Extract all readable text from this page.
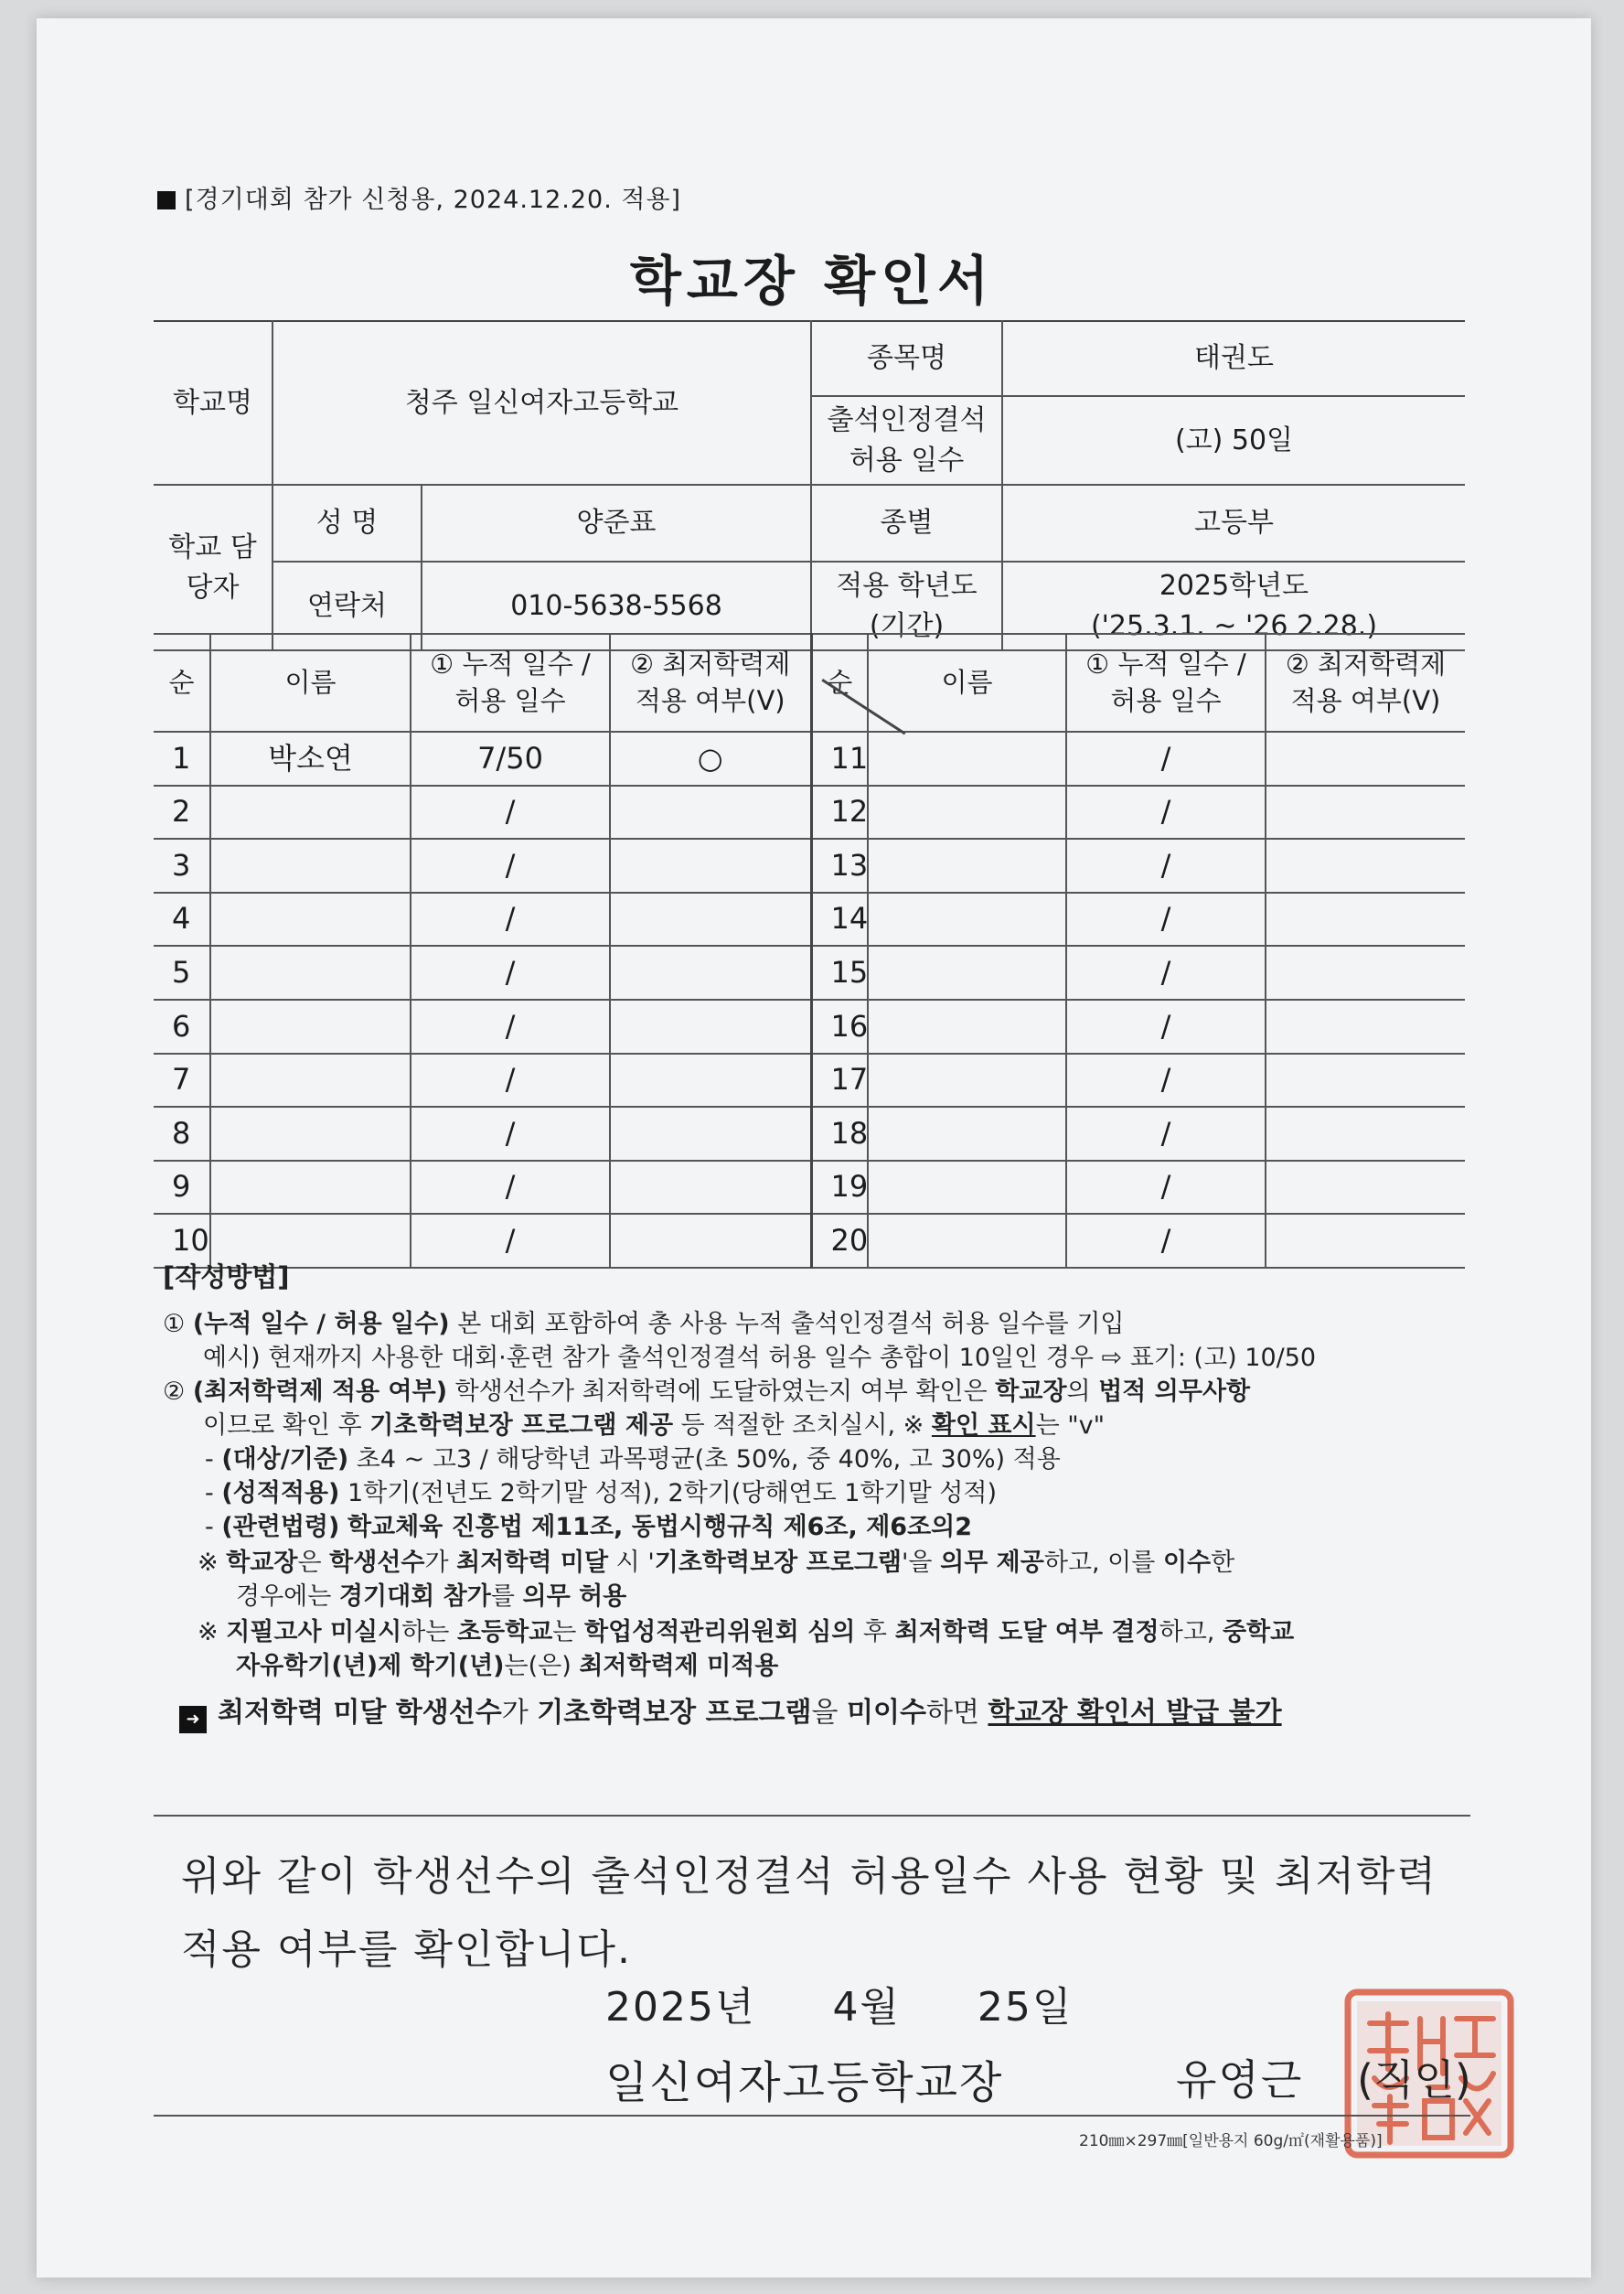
[경기대회 참가 신청용, 2024.12.20. 적용]
학교장 확인서
학교명	청주 일신여자고등학교		종목명	태권도
			출석인정결석 허용 일수	(고) 50일
학교 담당자	성 명	양준표	종별	고등부
	연락처	010-5638-5568	적용 학년도 (기간)	2025학년도
('25.3.1. ~ '26 2.28.)
순	이름	① 누적 일수 / 허용 일수	② 최저학력제 적용 여부(V)	순	이름	① 누적 일수 / 허용 일수	② 최저학력제 적용 여부(V)
1	박소연	7/50	○	11		/	
2		/		12		/	
3		/		13		/	
4		/		14		/	
5		/		15		/	
6		/		16		/	
7		/		17		/	
8		/		18		/	
9		/		19		/	
10		/		20		/	

[작성방법]

① (누적 일수 / 허용 일수) 본 대회 포함하여 총 사용 누적 출석인정결석 허용 일수를 기입

예시) 현재까지 사용한 대회·훈련 참가 출석인정결석 허용 일수 총합이 10일인 경우 ⇨ 표기: (고) 10/50

② (최저학력제 적용 여부) 학생선수가 최저학력에 도달하였는지 여부 확인은 학교장의 법적 의무사항

이므로 확인 후 기초학력보장 프로그램 제공 등 적절한 조치실시, ※ 확인 표시는 "v"

- (대상/기준) 초4 ~ 고3 / 해당학년 과목평균(초 50%, 중 40%, 고 30%) 적용

- (성적적용) 1학기(전년도 2학기말 성적), 2학기(당해연도 1학기말 성적)

- (관련법령) 학교체육 진흥법 제11조, 동법시행규칙 제6조, 제6조의2

※ 학교장은 학생선수가 최저학력 미달 시 '기초학력보장 프로그램'을 의무 제공하고, 이를 이수한

경우에는 경기대회 참가를 의무 허용

※ 지필고사 미실시하는 초등학교는 학업성적관리위원회 심의 후 최저학력 도달 여부 결정하고, 중학교

자유학기(년)제 학기(년)는(은) 최저학력제 미적용

➜ 최저학력 미달 학생선수가 기초학력보장 프로그램을 미이수하면 학교장 확인서 발급 불가

위와 같이 학생선수의 출석인정결석 허용일수 사용 현황 및 최저학력
적용 여부를 확인합니다.
2025년   4월   25일
일신여자고등학교장	유영근 (직인)
210㎜×297㎜[일반용지 60g/㎡(재활용품)]
